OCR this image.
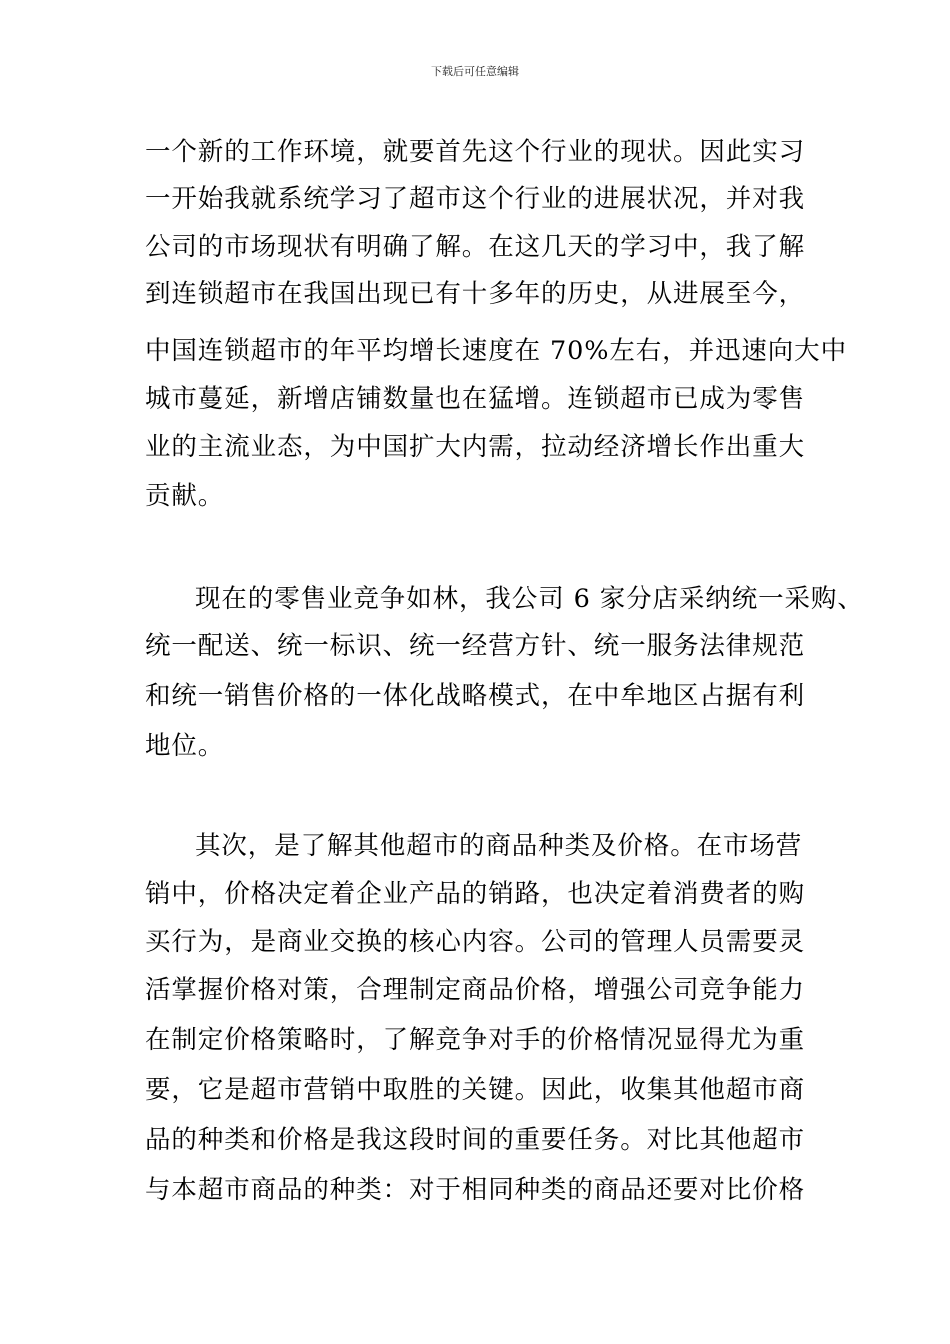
下载后可任意编辑
一个新的工作环境，就要首先这个行业的现状。因此实习
一开始我就系统学习了超市这个行业的进展状况，并对我
公司的市场现状有明确了解。在这几天的学习中，我了解
到连锁超市在我国出现已有十多年的历史，从进展至今，
中国连锁超市的年平均增长速度在 70%左右，并迅速向大中
城市蔓延，新增店铺数量也在猛增。连锁超市已成为零售
业的主流业态，为中国扩大内需，拉动经济增长作出重大
贡献。
现在的零售业竞争如林，我公司 6 家分店采纳统一采购、
统一配送、统一标识、统一经营方针、统一服务法律规范
和统一销售价格的一体化战略模式，在中牟地区占据有利
地位。
其次，是了解其他超市的商品种类及价格。在市场营
销中，价格决定着企业产品的销路，也决定着消费者的购
买行为，是商业交换的核心内容。公司的管理人员需要灵
活掌握价格对策，合理制定商品价格，增强公司竞争能力
在制定价格策略时，了解竞争对手的价格情况显得尤为重
要，它是超市营销中取胜的关键。因此，收集其他超市商
品的种类和价格是我这段时间的重要任务。对比其他超市
与本超市商品的种类：对于相同种类的商品还要对比价格
